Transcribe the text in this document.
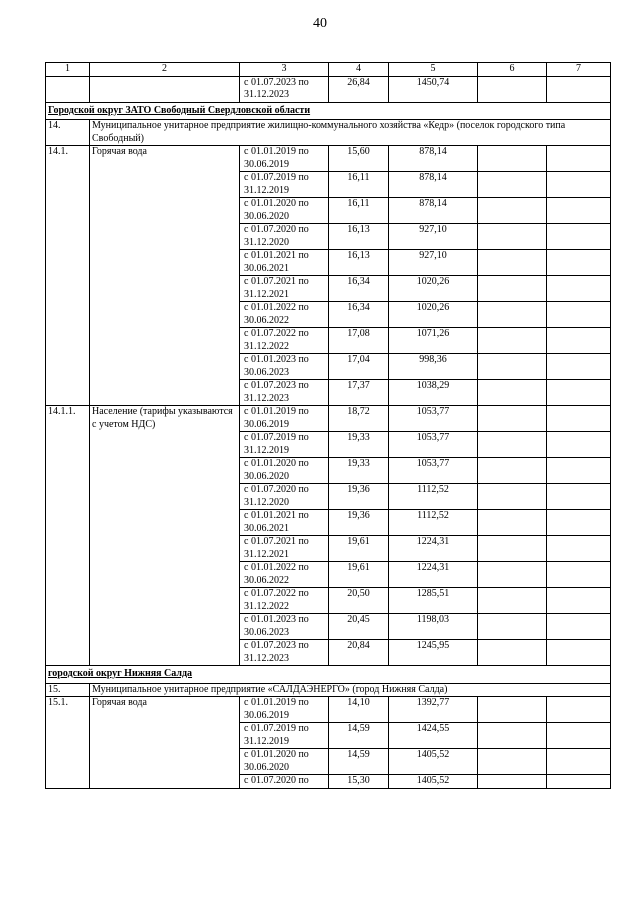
40
1	2	3	4	5	6	7
		с 01.07.2023 по
31.12.2023	26,84	1450,74		
Городской округ ЗАТО Свободный Свердловской области						
14.	Муниципальное унитарное предприятие жилищно-коммунального хозяйства «Кедр» (поселок городского типа Свободный)					
14.1.	Горячая вода	с 01.01.2019 по
30.06.2019	15,60	878,14		
		с 01.07.2019 по
31.12.2019	16,11	878,14		
		с 01.01.2020 по
30.06.2020	16,11	878,14		
		с 01.07.2020 по
31.12.2020	16,13	927,10		
		с 01.01.2021 по
30.06.2021	16,13	927,10		
		с 01.07.2021 по
31.12.2021	16,34	1020,26		
		с 01.01.2022 по
30.06.2022	16,34	1020,26		
		с 01.07.2022 по
31.12.2022	17,08	1071,26		
		с 01.01.2023 по
30.06.2023	17,04	998,36		
		с 01.07.2023 по
31.12.2023	17,37	1038,29		
14.1.1.	Население (тарифы указываются с учетом НДС)	с 01.01.2019 по
30.06.2019	18,72	1053,77		
		с 01.07.2019 по
31.12.2019	19,33	1053,77		
		с 01.01.2020 по
30.06.2020	19,33	1053,77		
		с 01.07.2020 по
31.12.2020	19,36	1112,52		
		с 01.01.2021 по
30.06.2021	19,36	1112,52		
		с 01.07.2021 по
31.12.2021	19,61	1224,31		
		с 01.01.2022 по
30.06.2022	19,61	1224,31		
		с 01.07.2022 по
31.12.2022	20,50	1285,51		
		с 01.01.2023 по
30.06.2023	20,45	1198,03		
		с 01.07.2023 по
31.12.2023	20,84	1245,95		
городской округ Нижняя Салда						
15.	Муниципальное унитарное предприятие «САЛДАЭНЕРГО» (город Нижняя Салда)					
15.1.	Горячая вода	с 01.01.2019 по
30.06.2019	14,10	1392,77		
		с 01.07.2019 по
31.12.2019	14,59	1424,55		
		с 01.01.2020 по
30.06.2020	14,59	1405,52		
		с 01.07.2020 по	15,30	1405,52		
